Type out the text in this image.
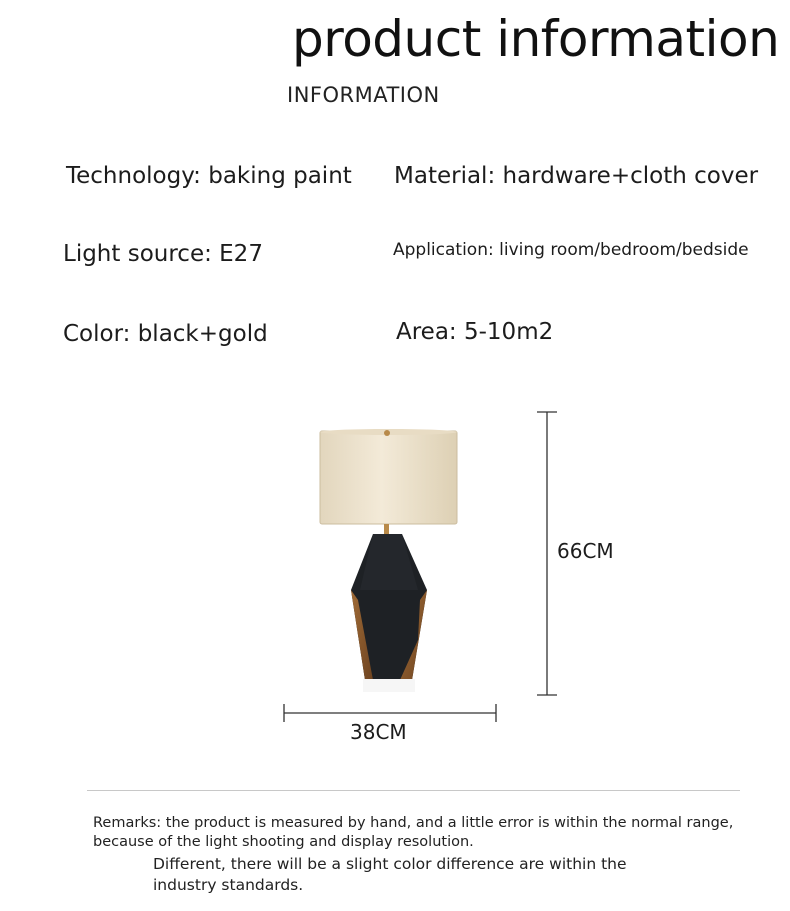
product information
INFORMATION
Technology: baking paint Material: hardware+cloth cover
Light source: E27	Application: living room/bedroom/bedside
Color: black+gold	Area: 5-10m2
66CM
38CM
Remarks: the product is measured by hand, and a little error is within the normal range, because of the light shooting and display resolution.
Different, there will be a slight color difference are within the industry standards.
